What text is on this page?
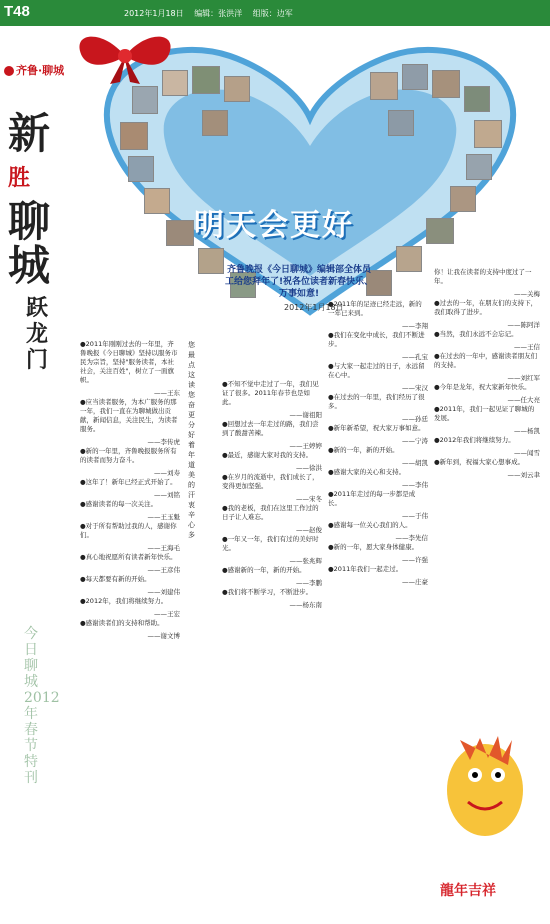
T48	2012年1月18日 编辑：张洪洋 组版：边军
齐鲁·聊城
新
胜
聊
城
跃
龙
门
今日聊城2012年春节特刊
明天会更好
齐鲁晚报《今日聊城》编辑部全体员工给您拜年了!祝各位读者新春快乐、万事如意!
2012年1月18日
您
最
点
这
读
您
奋
更
分
好
着
年
道
美
的
汗
衷
辛
心
多

●2011年刚刚过去的一年里，齐鲁晚报《今日聊城》坚持以服务市民为宗旨，坚持"服务读者，本社社会，关注百姓"，树立了一面旗帜。

——王东

●应当读者服务，为本广服务的那一年，我们一直在为聊城做出贡献，新闻信息，关注民生，为读者服务。

——李传虎

●新的一年里，齐鲁晚报服务所有的读者而努力奋斗。

——刘寿

●这年了！新年已经正式开始了。

——刘铭

●感谢读者的每一次关注。

——王玉魁

●对于所有帮助过我的人，感谢你们。

——王海毛

●真心地祝愿所有读者新年快乐。

——王彦伟

●每天都要有新的开始。

——刘建伟

●2012年，我们将继续努力。

——王宏

●感谢读者们的支持和帮助。

——谢文博

●不知不觉中走过了一年，我们见证了很多。2011年春节也是如此。

——谢祖阳

●回想过去一年走过的路，我们尝到了酸甜苦辣。

——王婷婷

●最近，感谢大家对我的支持。

——徐洪

●在岁月的流逝中，我们成长了，变得更加坚强。

——宋冬

●我的老板，我们在这里工作过的日子让人难忘。

——赵俊

●一年又一年，我们有过的美好时光。

——张兆辉

●感谢新的一年，新的开始。

——李鹏

●我们将不断学习，不断进步。

——杨东南

●2011年的足迹已经走远，新的一年已来到。

——李翔

●我们在变化中成长，我们不断进步。

——孔宝

●与大家一起走过的日子，永远留在心中。

——宋汉

●在过去的一年里，我们经历了很多。

——孙廷

●新年新希望，祝大家万事如意。

——宁涛

●新的一年，新的开始。

——胡凯

●感谢大家的关心和支持。

——李伟

●2011年走过的每一步都是成长。

——于伟

●感谢每一位关心我们的人。

——李先信

●新的一年，愿大家身体健康。

——许强

●2011年我们一起走过。

——庄豪

你！让我在读者的支持中度过了一年。

——关梅

●过去的一年，在朋友们的支持下，我们取得了进步。

——陈阿洋

●当然，我们永远不会忘记。

——王信

●在过去的一年中，感谢读者朋友们的支持。

——刘红军

●今年是龙年，祝大家新年快乐。

——任大亮

●2011年，我们一起见证了聊城的发展。

——杨凯

●2012年我们将继续努力。

——闻雪

●新年到，祝福大家心想事成。

——刘云聿
龍年吉祥
